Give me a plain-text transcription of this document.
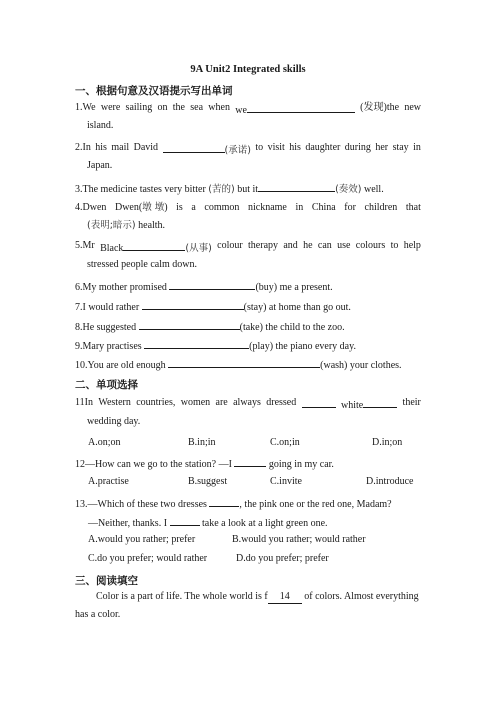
9A Unit2 Integrated skills
一、根据句意及汉语提示写出单词
1.We were sailing on the sea when we	(发现)the new
island.
2.In his mail David	(承诺) to visit his daughter during her stay in
Japan.
3.The medicine tastes very bitter (苦的) but it	(奏效) well.
4.Dwen Dwen(墩 墩) is a common nickname in China for children that
(表明;暗示) health.
5.Mr Black	(从事) colour therapy and he can use colours to help
stressed people calm down.
6.My mother promised	(buy) me a present.
7.I would rather	(stay) at home than go out.
8.He suggested	(take) the child to the zoo.
9.Mary practises	(play) the piano every day.
10.You are old enough	(wash) your clothes.
二、单项选择
11In Western countries, women are always dressed	white	their
wedding day.
A.on;on	B.in;in	C.on;in	D.in;on
12—How can we go to the station? —I	going in my car.
A.practise	B.suggest	C.invite	D.introduce
13.—Which of these two dresses	, the pink one or the red one, Madam?
—Neither, thanks. I	take a look at a light green one.
A.would you rather; prefer	B.would you rather; would rather
C.do you prefer; would rather	D.do you prefer; prefer
三、阅读填空
Color is a part of life. The whole world is f 14 of colors. Almost everything
has a color.
